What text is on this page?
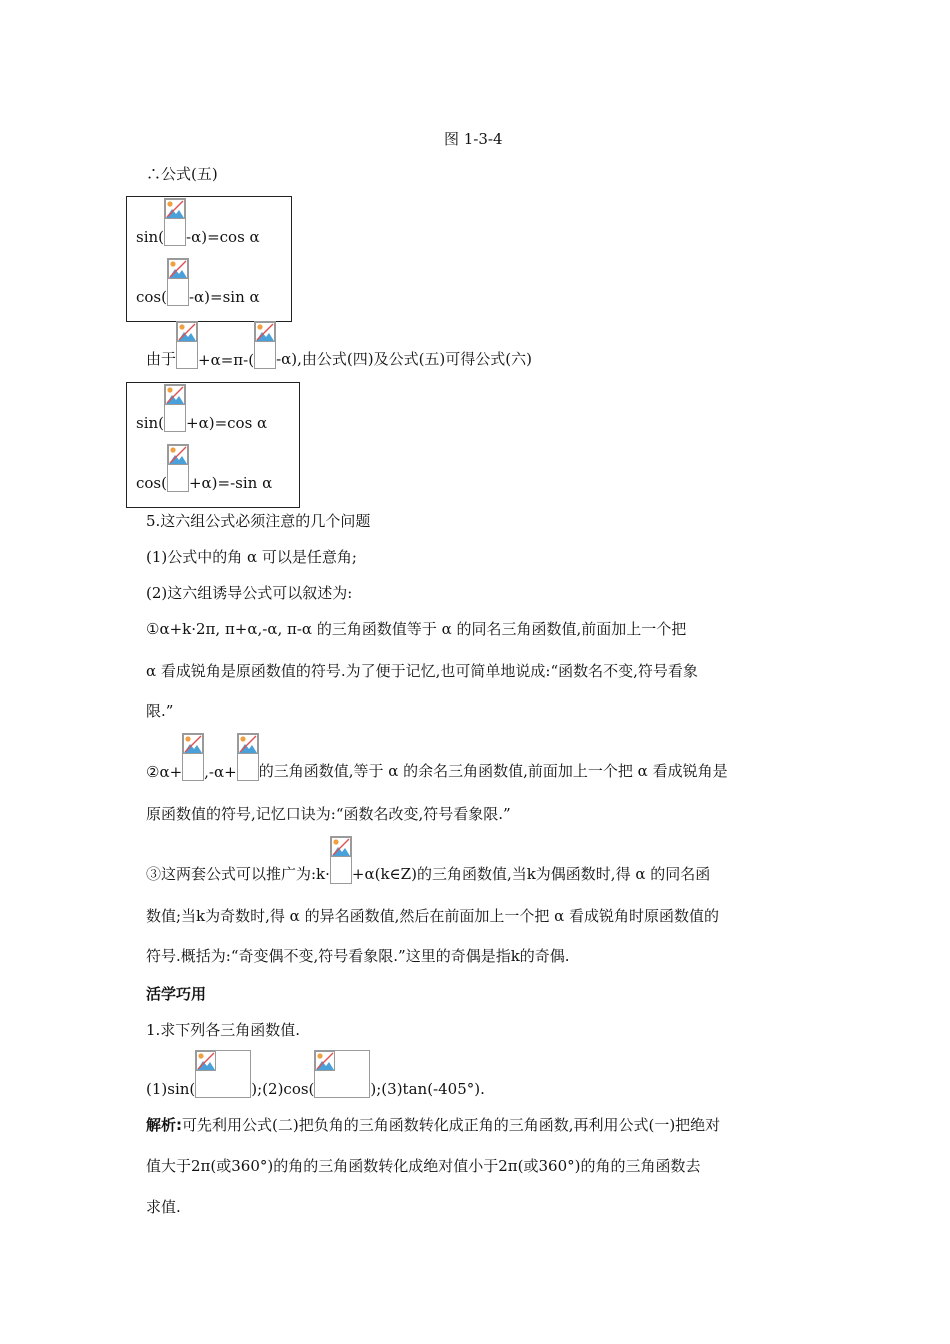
图 1-3-4
∴公式(五)
sin( -α)=cos α
cos( -α)=sin α
由于 +α=π-( -α),由公式(四)及公式(五)可得公式(六)
sin( +α)=cos α
cos( +α)=-sin α
5.这六组公式必须注意的几个问题
(1)公式中的角 α 可以是任意角;
(2)这六组诱导公式可以叙述为:
①α+k·2π, π+α,-α, π-α 的三角函数值等于 α 的同名三角函数值,前面加上一个把
α 看成锐角是原函数值的符号.为了便于记忆,也可简单地说成:“函数名不变,符号看象
限.”
②α+ ,-α+ 的三角函数值,等于 α 的余名三角函数值,前面加上一个把 α 看成锐角是
原函数值的符号,记忆口诀为:“函数名改变,符号看象限.”
③这两套公式可以推广为:k· +α(k∈Z)的三角函数值,当k为偶函数时,得 α 的同名函
数值;当k为奇数时,得 α 的异名函数值,然后在前面加上一个把 α 看成锐角时原函数值的
符号.概括为:“奇变偶不变,符号看象限.”这里的奇偶是指k的奇偶.
活学巧用
1.求下列各三角函数值.
(1)sin(	);(2)cos(	);(3)tan(-405°).
解析:可先利用公式(二)把负角的三角函数转化成正角的三角函数,再利用公式(一)把绝对
值大于2π(或360°)的角的三角函数转化成绝对值小于2π(或360°)的角的三角函数去
求值.
